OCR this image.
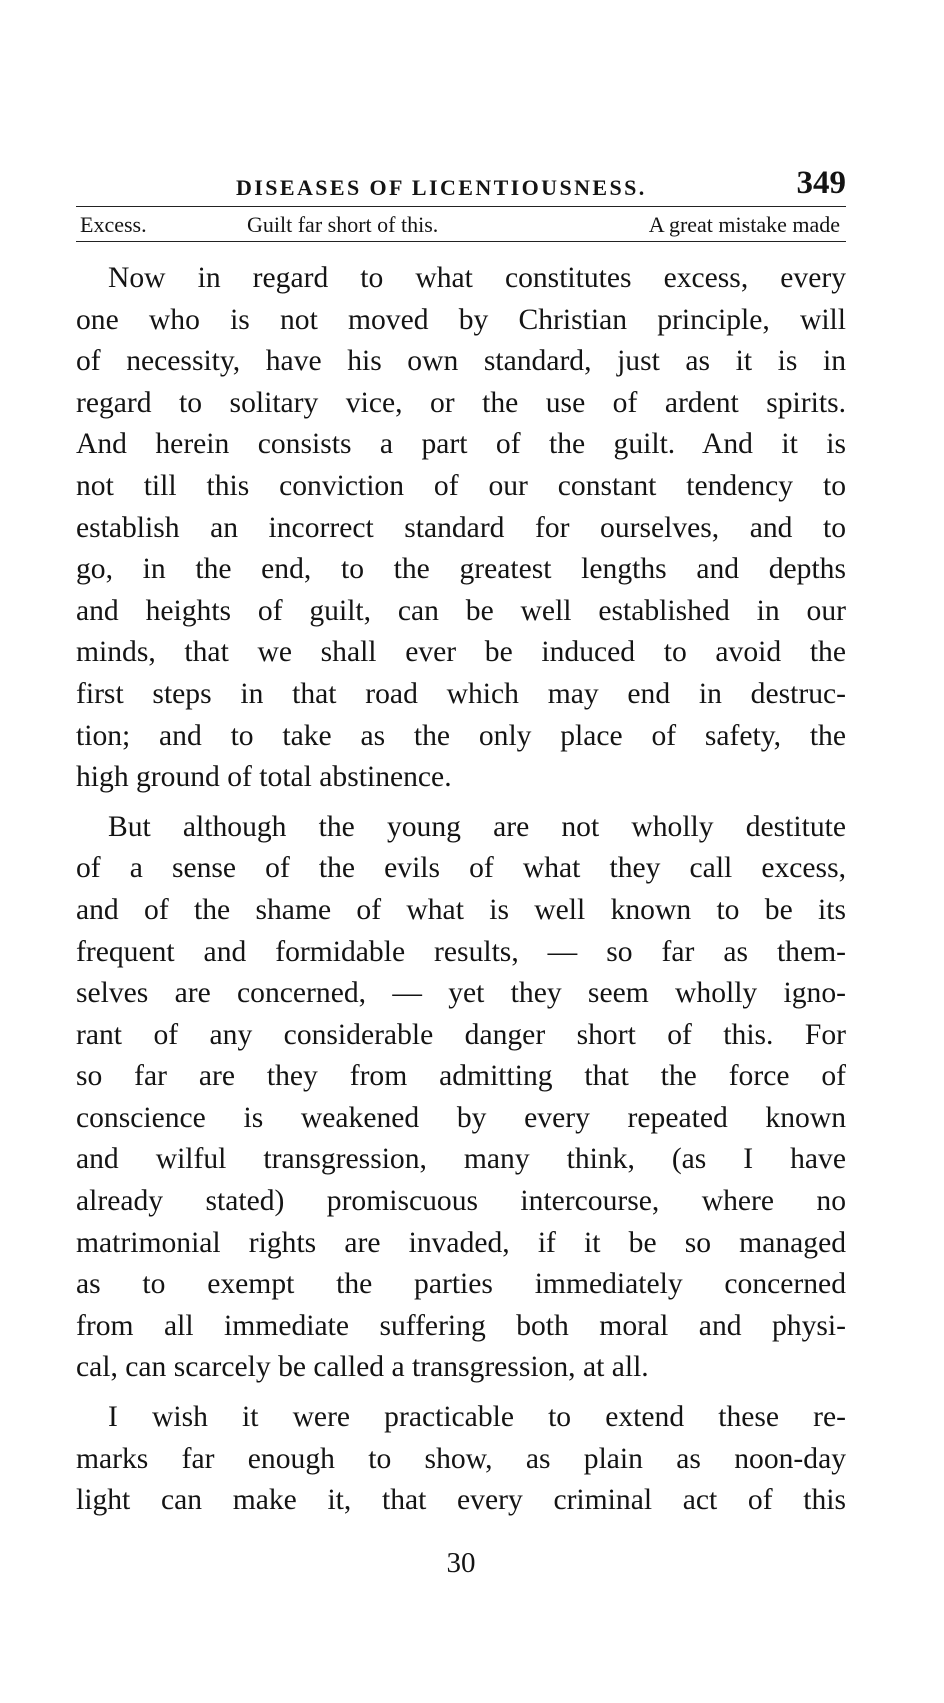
DISEASES OF LICENTIOUSNESS.	349
Excess.	Guilt far short of this.	A great mistake made
Now in regard to what constitutes excess, every
one who is not moved by Christian principle, will
of necessity, have his own standard, just as it is in
regard to solitary vice, or the use of ardent spirits.
And herein consists a part of the guilt. And it is
not till this conviction of our constant tendency to
establish an incorrect standard for ourselves, and to
go, in the end, to the greatest lengths and depths
and heights of guilt, can be well established in our
minds, that we shall ever be induced to avoid the
first steps in that road which may end in destruc-
tion; and to take as the only place of safety, the
high ground of total abstinence.
But although the young are not wholly destitute
of a sense of the evils of what they call excess,
and of the shame of what is well known to be its
frequent and formidable results, — so far as them-
selves are concerned, — yet they seem wholly igno-
rant of any considerable danger short of this. For
so far are they from admitting that the force of
conscience is weakened by every repeated known
and wilful transgression, many think, (as I have
already stated) promiscuous intercourse, where no
matrimonial rights are invaded, if it be so managed
as to exempt the parties immediately concerned
from all immediate suffering both moral and physi-
cal, can scarcely be called a transgression, at all.
I wish it were practicable to extend these re-
marks far enough to show, as plain as noon-day
light can make it, that every criminal act of this
30
